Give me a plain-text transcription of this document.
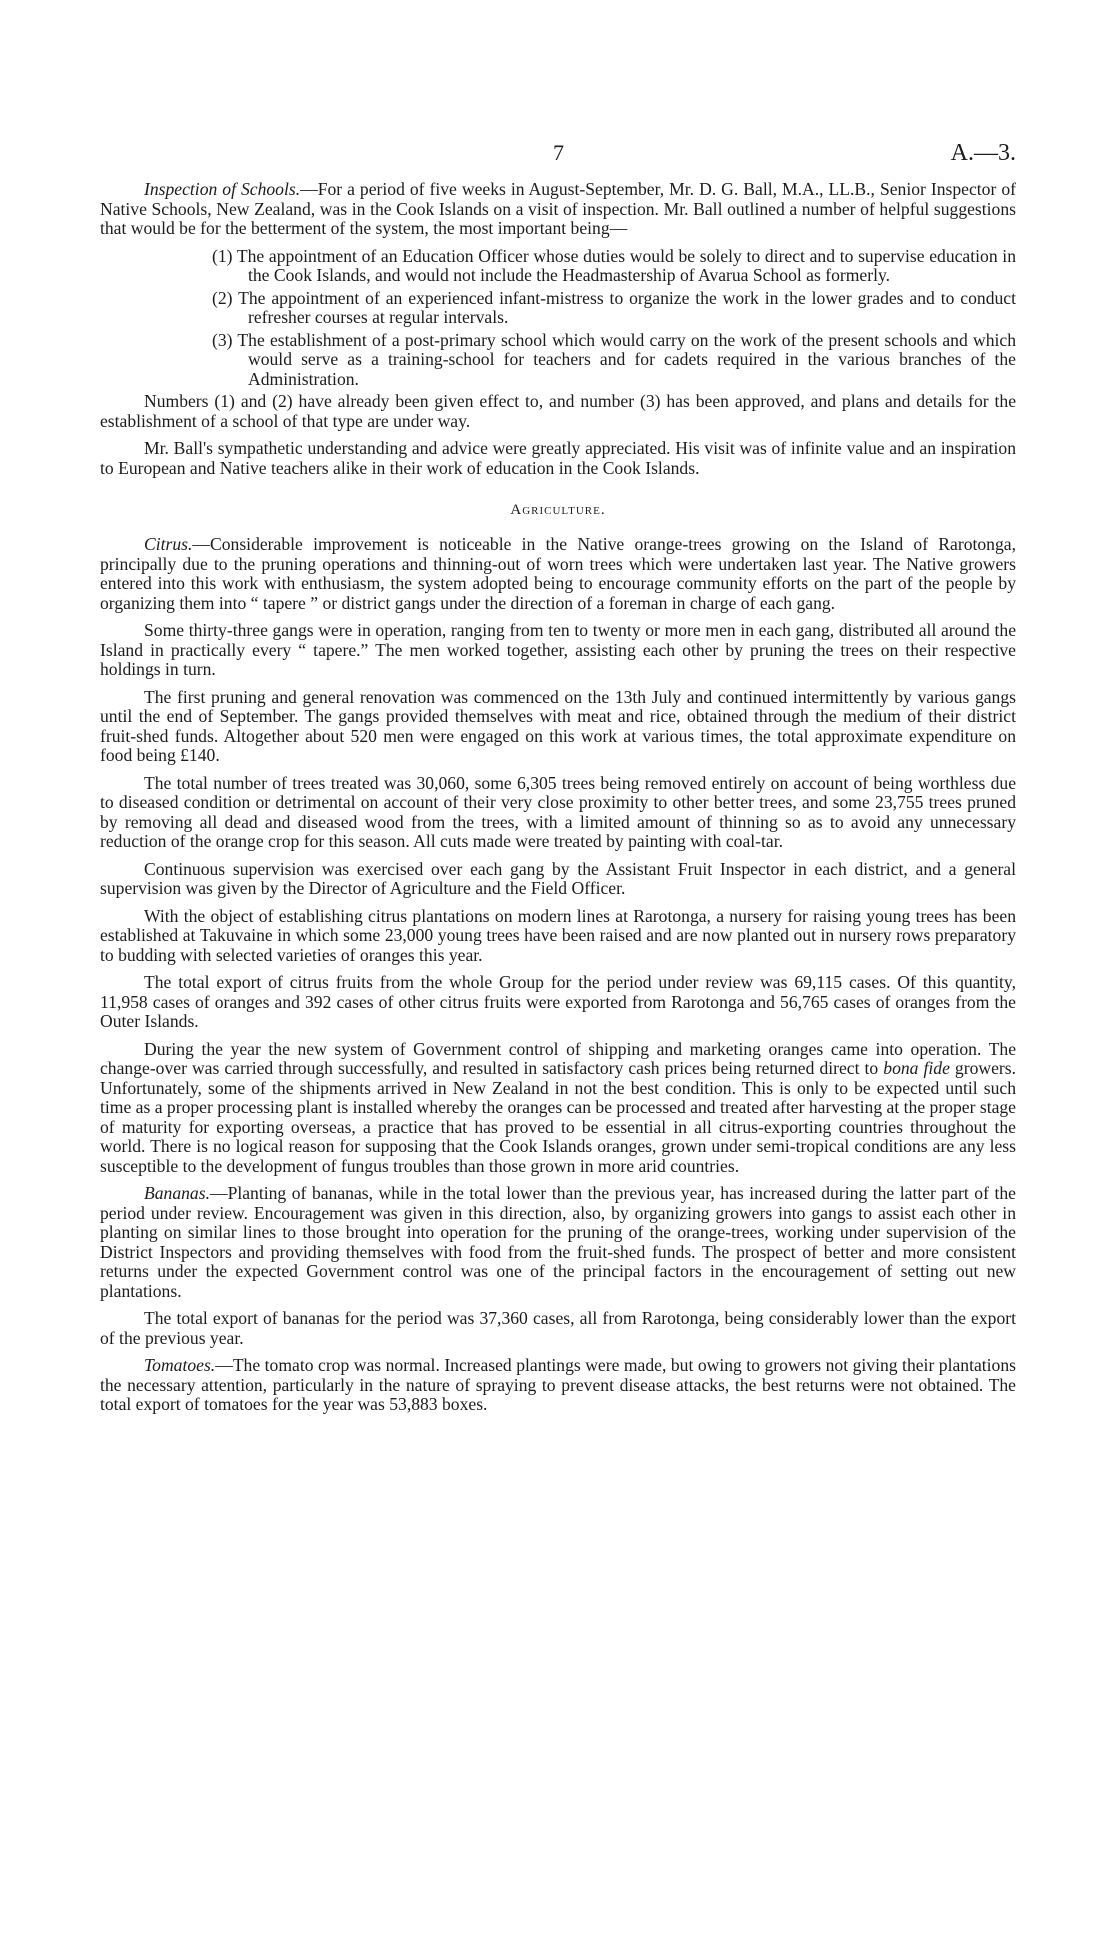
7	A.—3.

Inspection of Schools.—For a period of five weeks in August-September, Mr. D. G. Ball, M.A., LL.B., Senior Inspector of Native Schools, New Zealand, was in the Cook Islands on a visit of inspection. Mr. Ball outlined a number of helpful suggestions that would be for the betterment of the system, the most important being—

(1) The appointment of an Education Officer whose duties would be solely to direct and to supervise education in the Cook Islands, and would not include the Headmastership of Avarua School as formerly.
(2) The appointment of an experienced infant-mistress to organize the work in the lower grades and to conduct refresher courses at regular intervals.
(3) The establishment of a post-primary school which would carry on the work of the present schools and which would serve as a training-school for teachers and for cadets required in the various branches of the Administration.

Numbers (1) and (2) have already been given effect to, and number (3) has been approved, and plans and details for the establishment of a school of that type are under way.

Mr. Ball's sympathetic understanding and advice were greatly appreciated. His visit was of infinite value and an inspiration to European and Native teachers alike in their work of education in the Cook Islands.

Agriculture.

Citrus.—Considerable improvement is noticeable in the Native orange-trees growing on the Island of Rarotonga, principally due to the pruning operations and thinning-out of worn trees which were undertaken last year. The Native growers entered into this work with enthusiasm, the system adopted being to encourage community efforts on the part of the people by organizing them into “ tapere ” or district gangs under the direction of a foreman in charge of each gang.

Some thirty-three gangs were in operation, ranging from ten to twenty or more men in each gang, distributed all around the Island in practically every “ tapere.” The men worked together, assisting each other by pruning the trees on their respective holdings in turn.

The first pruning and general renovation was commenced on the 13th July and continued intermittently by various gangs until the end of September. The gangs provided themselves with meat and rice, obtained through the medium of their district fruit-shed funds. Altogether about 520 men were engaged on this work at various times, the total approximate expenditure on food being £140.

The total number of trees treated was 30,060, some 6,305 trees being removed entirely on account of being worthless due to diseased condition or detrimental on account of their very close proximity to other better trees, and some 23,755 trees pruned by removing all dead and diseased wood from the trees, with a limited amount of thinning so as to avoid any unnecessary reduction of the orange crop for this season. All cuts made were treated by painting with coal-tar.

Continuous supervision was exercised over each gang by the Assistant Fruit Inspector in each district, and a general supervision was given by the Director of Agriculture and the Field Officer.

With the object of establishing citrus plantations on modern lines at Rarotonga, a nursery for raising young trees has been established at Takuvaine in which some 23,000 young trees have been raised and are now planted out in nursery rows preparatory to budding with selected varieties of oranges this year.

The total export of citrus fruits from the whole Group for the period under review was 69,115 cases. Of this quantity, 11,958 cases of oranges and 392 cases of other citrus fruits were exported from Rarotonga and 56,765 cases of oranges from the Outer Islands.

During the year the new system of Government control of shipping and marketing oranges came into operation. The change-over was carried through successfully, and resulted in satisfactory cash prices being returned direct to bona fide growers. Unfortunately, some of the shipments arrived in New Zealand in not the best condition. This is only to be expected until such time as a proper processing plant is installed whereby the oranges can be processed and treated after harvesting at the proper stage of maturity for exporting overseas, a practice that has proved to be essential in all citrus-exporting countries throughout the world. There is no logical reason for supposing that the Cook Islands oranges, grown under semi-tropical conditions are any less susceptible to the development of fungus troubles than those grown in more arid countries.

Bananas.—Planting of bananas, while in the total lower than the previous year, has increased during the latter part of the period under review. Encouragement was given in this direction, also, by organizing growers into gangs to assist each other in planting on similar lines to those brought into operation for the pruning of the orange-trees, working under supervision of the District Inspectors and providing themselves with food from the fruit-shed funds. The prospect of better and more consistent returns under the expected Government control was one of the principal factors in the encouragement of setting out new plantations.

The total export of bananas for the period was 37,360 cases, all from Rarotonga, being considerably lower than the export of the previous year.

Tomatoes.—The tomato crop was normal. Increased plantings were made, but owing to growers not giving their plantations the necessary attention, particularly in the nature of spraying to prevent disease attacks, the best returns were not obtained. The total export of tomatoes for the year was 53,883 boxes.
